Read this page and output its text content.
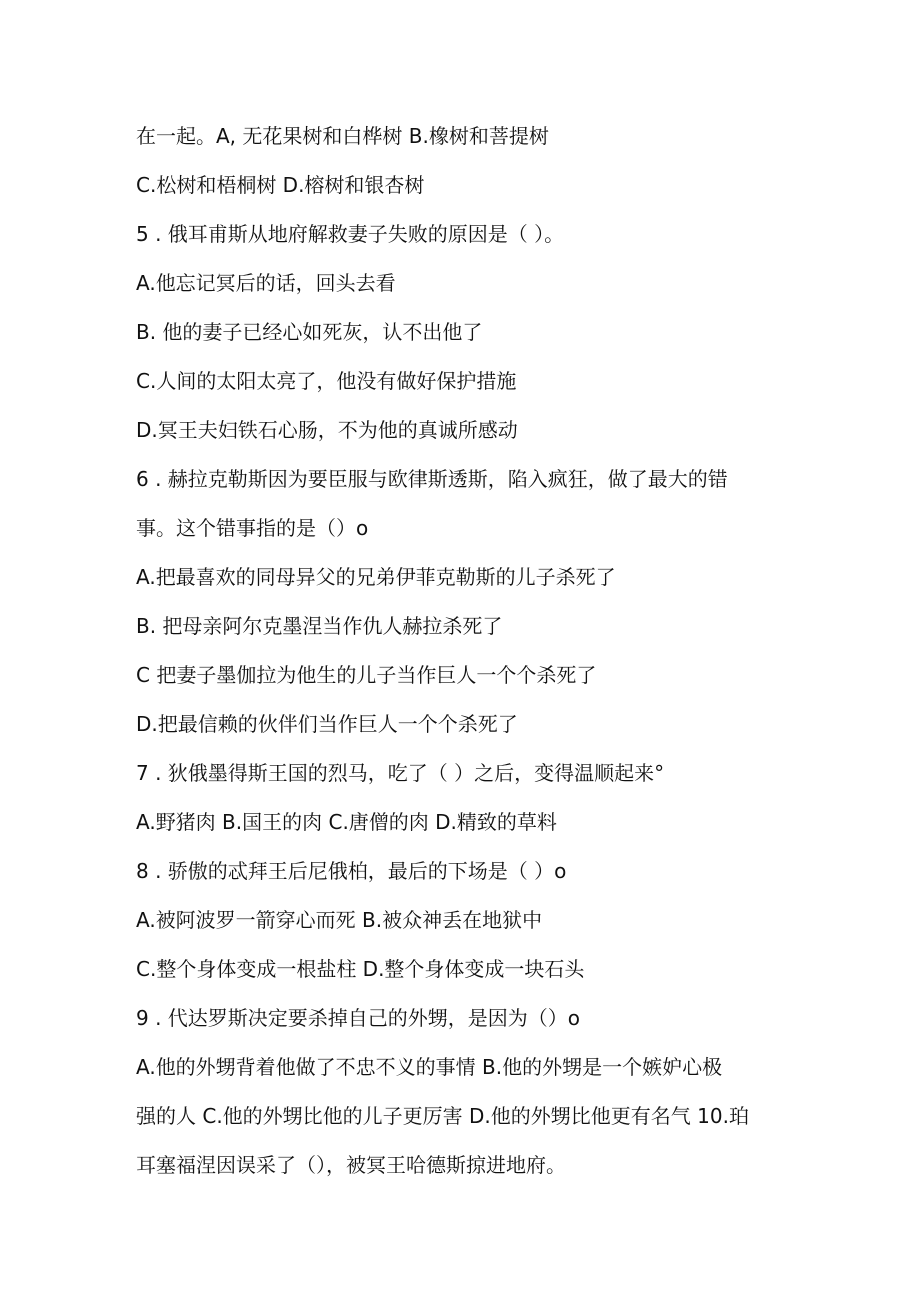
在一起。A, 无花果树和白桦树 B.橡树和菩提树
C.松树和梧桐树 D.榕树和银杏树
5 . 俄耳甫斯从地府解救妻子失败的原因是（ ）。
A.他忘记冥后的话，回头去看
B. 他的妻子已经心如死灰，认不出他了
C.人间的太阳太亮了，他没有做好保护措施
D.冥王夫妇铁石心肠，不为他的真诚所感动
6 . 赫拉克勒斯因为要臣服与欧律斯透斯，陷入疯狂，做了最大的错
事。这个错事指的是（）o
A.把最喜欢的同母异父的兄弟伊菲克勒斯的儿子杀死了
B. 把母亲阿尔克墨涅当作仇人赫拉杀死了
C 把妻子墨伽拉为他生的儿子当作巨人一个个杀死了
D.把最信赖的伙伴们当作巨人一个个杀死了
7 . 狄俄墨得斯王国的烈马，吃了（ ）之后，变得温顺起来°
A.野猪肉 B.国王的肉 C.唐僧的肉 D.精致的草料
8 . 骄傲的忒拜王后尼俄柏，最后的下场是（ ）o
A.被阿波罗一箭穿心而死 B.被众神丢在地狱中
C.整个身体变成一根盐柱 D.整个身体变成一块石头
9 . 代达罗斯决定要杀掉自己的外甥，是因为（）o
A.他的外甥背着他做了不忠不义的事情 B.他的外甥是一个嫉妒心极
强的人 C.他的外甥比他的儿子更厉害 D.他的外甥比他更有名气 10.珀
耳塞福涅因误采了（），被冥王哈德斯掠进地府。
